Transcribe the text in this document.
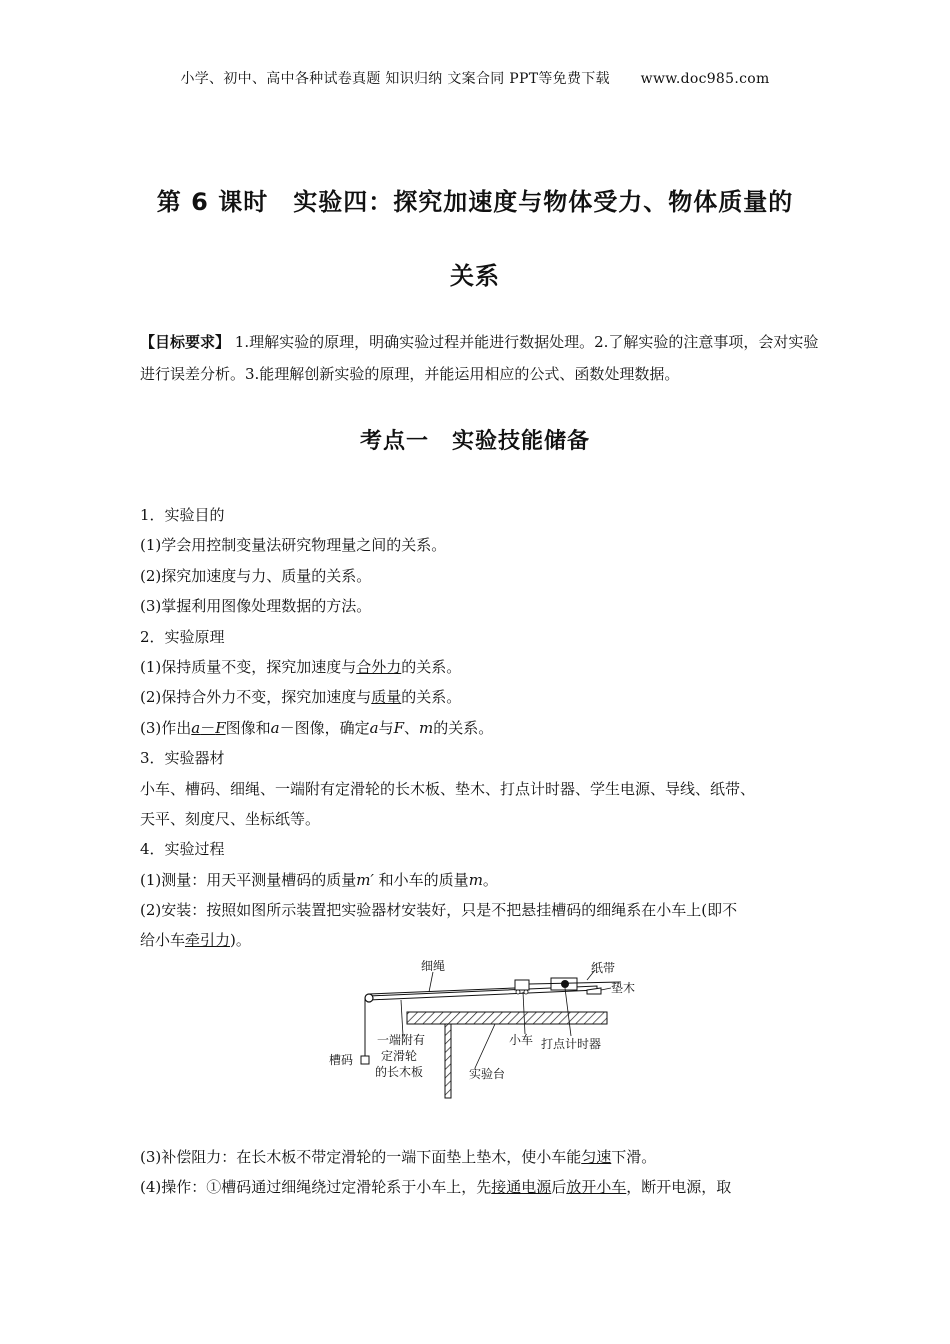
小学、初中、高中各种试卷真题 知识归纳 文案合同 PPT等免费下载 www.doc985.com
第 6 课时　实验四：探究加速度与物体受力、物体质量的
关系
【目标要求】 1.理解实验的原理，明确实验过程并能进行数据处理。2.了解实验的注意事项，会对实验进行误差分析。3.能理解创新实验的原理，并能运用相应的公式、函数处理数据。
考点一　实验技能储备
1．实验目的
(1)学会用控制变量法研究物理量之间的关系。
(2)探究加速度与力、质量的关系。
(3)掌握利用图像处理数据的方法。
2．实验原理
(1)保持质量不变，探究加速度与合外力的关系。
(2)保持合外力不变，探究加速度与质量的关系。
(3)作出a－F图像和a－图像，确定a与F、m的关系。
3．实验器材
小车、槽码、细绳、一端附有定滑轮的长木板、垫木、打点计时器、学生电源、导线、纸带、
天平、刻度尺、坐标纸等。
4．实验过程
(1)测量：用天平测量槽码的质量m′ 和小车的质量m。
(2)安装：按照如图所示装置把实验器材安装好，只是不把悬挂槽码的细绳系在小车上(即不
给小车牵引力)。
细绳	纸带
垫木
槽码
一端附有
定滑轮
的长木板
小车 打点计时器
实验台
(3)补偿阻力：在长木板不带定滑轮的一端下面垫上垫木，使小车能匀速下滑。
(4)操作：①槽码通过细绳绕过定滑轮系于小车上，先接通电源后放开小车，断开电源，取
